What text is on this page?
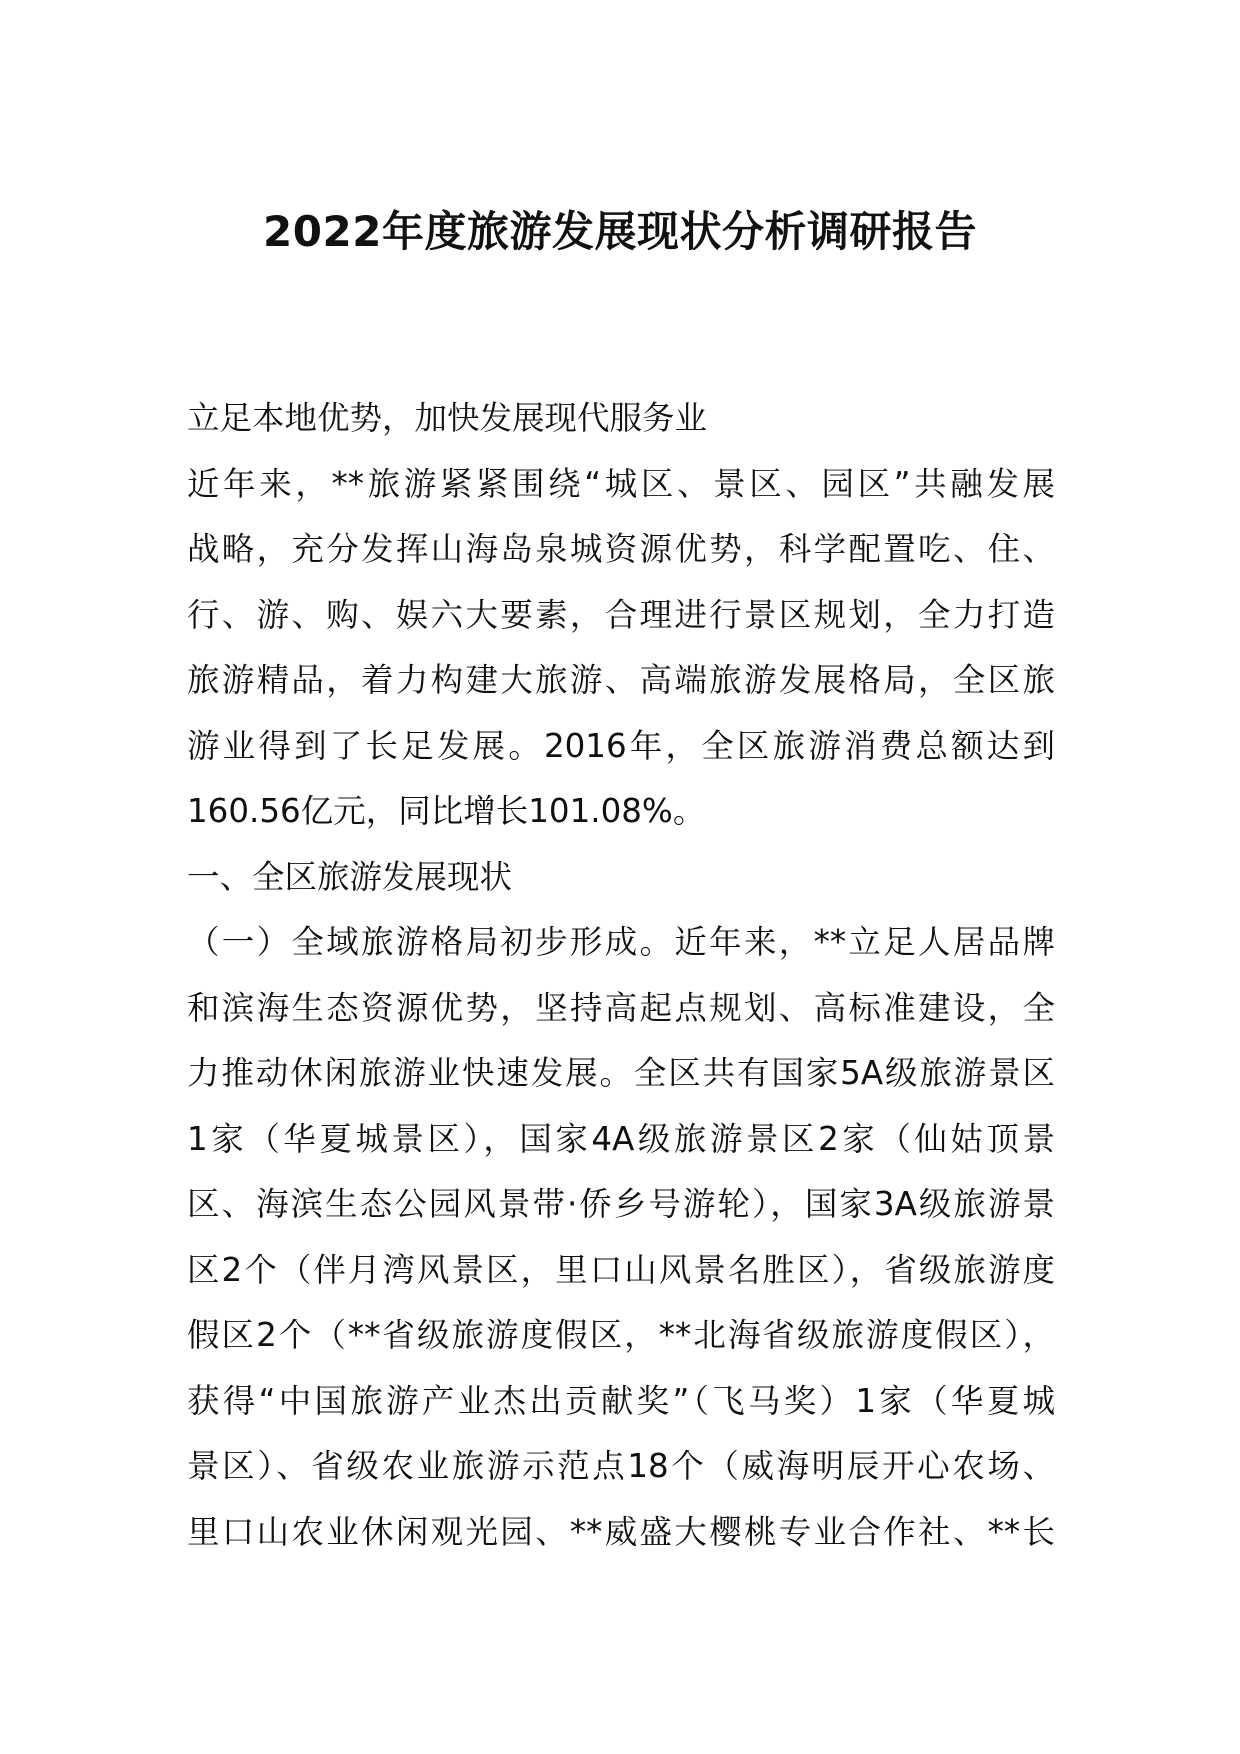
2022年度旅游发展现状分析调研报告
立足本地优势，加快发展现代服务业
近年来，**旅游紧紧围绕“城区、景区、园区”共融发展
战略，充分发挥山海岛泉城资源优势，科学配置吃、住、
行、游、购、娱六大要素，合理进行景区规划，全力打造
旅游精品，着力构建大旅游、高端旅游发展格局，全区旅
游业得到了长足发展。2016年，全区旅游消费总额达到
160.56亿元，同比增长101.08%。
一、全区旅游发展现状
（一）全域旅游格局初步形成。近年来，**立足人居品牌
和滨海生态资源优势，坚持高起点规划、高标准建设，全
力推动休闲旅游业快速发展。全区共有国家5A级旅游景区
1家（华夏城景区），国家4A级旅游景区2家（仙姑顶景
区、海滨生态公园风景带·侨乡号游轮），国家3A级旅游景
区2个（伴月湾风景区，里口山风景名胜区），省级旅游度
假区2个（**省级旅游度假区，**北海省级旅游度假区），
获得“中国旅游产业杰出贡献奖”（飞马奖）1家（华夏城
景区）、省级农业旅游示范点18个（威海明辰开心农场、
里口山农业休闲观光园、**威盛大樱桃专业合作社、**长
